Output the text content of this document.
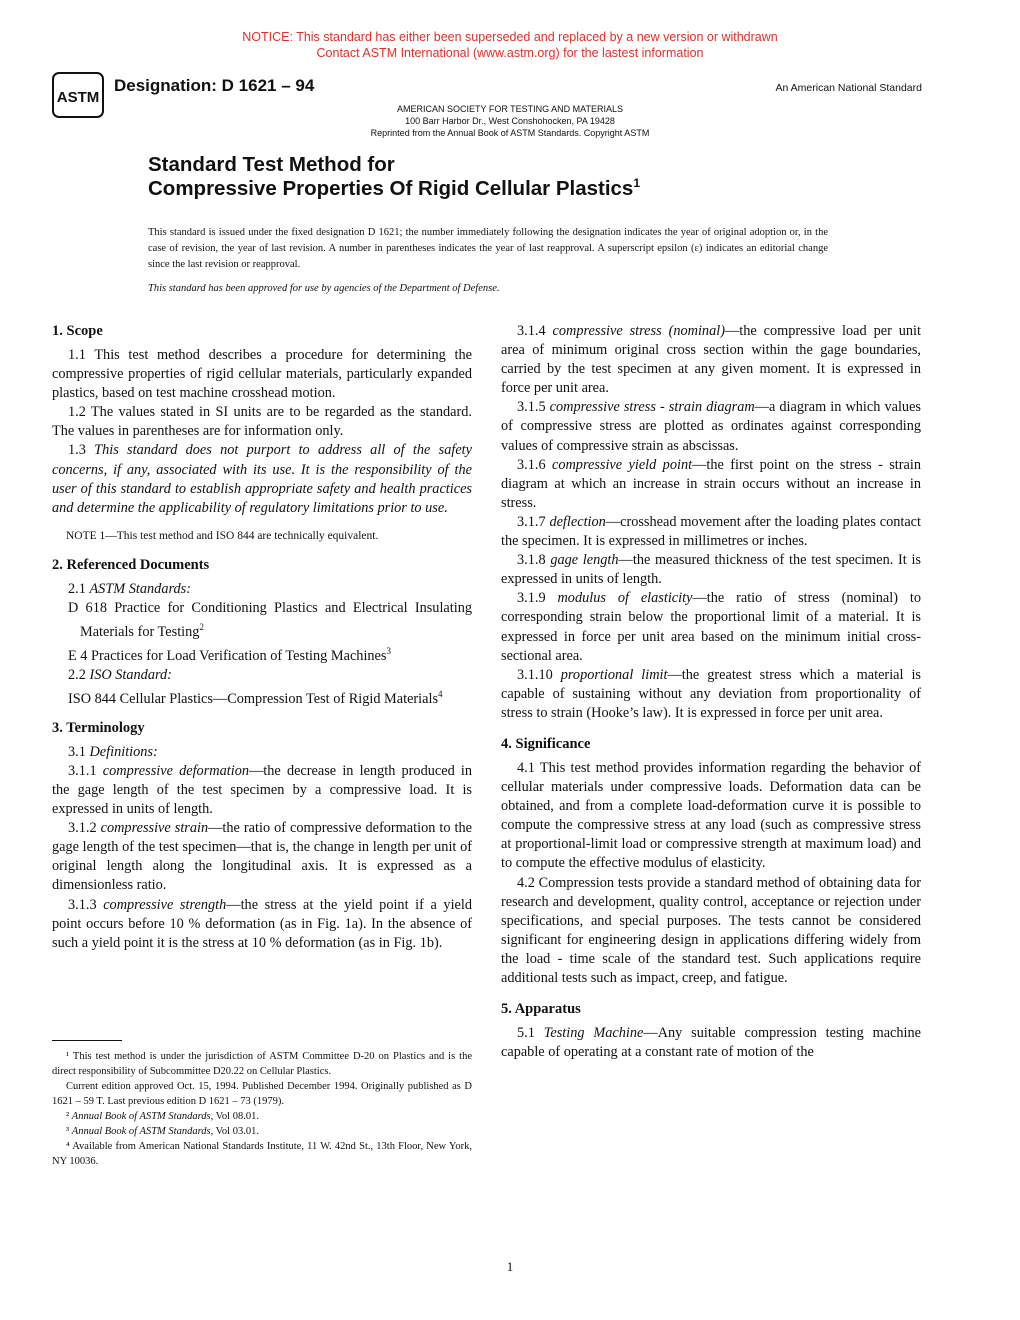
NOTICE: This standard has either been superseded and replaced by a new version or withdrawn
Contact ASTM International (www.astm.org) for the lastest information
ASTM
Designation: D 1621 – 94	An American National Standard
AMERICAN SOCIETY FOR TESTING AND MATERIALS
100 Barr Harbor Dr., West Conshohocken, PA 19428
Reprinted from the Annual Book of ASTM Standards. Copyright ASTM
Standard Test Method for
Compressive Properties Of Rigid Cellular Plastics$^1$
This standard is issued under the fixed designation D 1621; the number immediately following the designation indicates the year of original adoption or, in the case of revision, the year of last revision. A number in parentheses indicates the year of last reapproval. A superscript epsilon (ε) indicates an editorial change since the last revision or reapproval.
This standard has been approved for use by agencies of the Department of Defense.
1. Scope

1.1 This test method describes a procedure for determining the compressive properties of rigid cellular materials, particularly expanded plastics, based on test machine crosshead motion.

1.2 The values stated in SI units are to be regarded as the standard. The values in parentheses are for information only.

1.3 This standard does not purport to address all of the safety concerns, if any, associated with its use. It is the responsibility of the user of this standard to establish appropriate safety and health practices and determine the applicability of regulatory limitations prior to use.

NOTE 1—This test method and ISO 844 are technically equivalent.

2. Referenced Documents

2.1 ASTM Standards:

D 618 Practice for Conditioning Plastics and Electrical Insulating Materials for Testing$^2$

E 4 Practices for Load Verification of Testing Machines$^3$

2.2 ISO Standard:

ISO 844 Cellular Plastics—Compression Test of Rigid Materials$^4$

3. Terminology

3.1 Definitions:

3.1.1 compressive deformation—the decrease in length produced in the gage length of the test specimen by a compressive load. It is expressed in units of length.

3.1.2 compressive strain—the ratio of compressive deformation to the gage length of the test specimen—that is, the change in length per unit of original length along the longitudinal axis. It is expressed as a dimensionless ratio.

3.1.3 compressive strength—the stress at the yield point if a yield point occurs before 10 % deformation (as in Fig. 1a). In the absence of such a yield point it is the stress at 10 % deformation (as in Fig. 1b).

¹ This test method is under the jurisdiction of ASTM Committee D-20 on Plastics and is the direct responsibility of Subcommittee D20.22 on Cellular Plastics.

Current edition approved Oct. 15, 1994. Published December 1994. Originally published as D 1621 – 59 T. Last previous edition D 1621 – 73 (1979).

² Annual Book of ASTM Standards, Vol 08.01.

³ Annual Book of ASTM Standards, Vol 03.01.

⁴ Available from American National Standards Institute, 11 W. 42nd St., 13th Floor, New York, NY 10036.

3.1.4 compressive stress (nominal)—the compressive load per unit area of minimum original cross section within the gage boundaries, carried by the test specimen at any given moment. It is expressed in force per unit area.

3.1.5 compressive stress - strain diagram—a diagram in which values of compressive stress are plotted as ordinates against corresponding values of compressive strain as abscissas.

3.1.6 compressive yield point—the first point on the stress - strain diagram at which an increase in strain occurs without an increase in stress.

3.1.7 deflection—crosshead movement after the loading plates contact the specimen. It is expressed in millimetres or inches.

3.1.8 gage length—the measured thickness of the test specimen. It is expressed in units of length.

3.1.9 modulus of elasticity—the ratio of stress (nominal) to corresponding strain below the proportional limit of a material. It is expressed in force per unit area based on the minimum initial cross-sectional area.

3.1.10 proportional limit—the greatest stress which a material is capable of sustaining without any deviation from proportionality of stress to strain (Hooke’s law). It is expressed in force per unit area.

4. Significance

4.1 This test method provides information regarding the behavior of cellular materials under compressive loads. Deformation data can be obtained, and from a complete load-deformation curve it is possible to compute the compressive stress at any load (such as compressive stress at proportional-limit load or compressive strength at maximum load) and to compute the effective modulus of elasticity.

4.2 Compression tests provide a standard method of obtaining data for research and development, quality control, acceptance or rejection under specifications, and special purposes. The tests cannot be considered significant for engineering design in applications differing widely from the load - time scale of the standard test. Such applications require additional tests such as impact, creep, and fatigue.

5. Apparatus

5.1 Testing Machine—Any suitable compression testing machine capable of operating at a constant rate of motion of the

1
